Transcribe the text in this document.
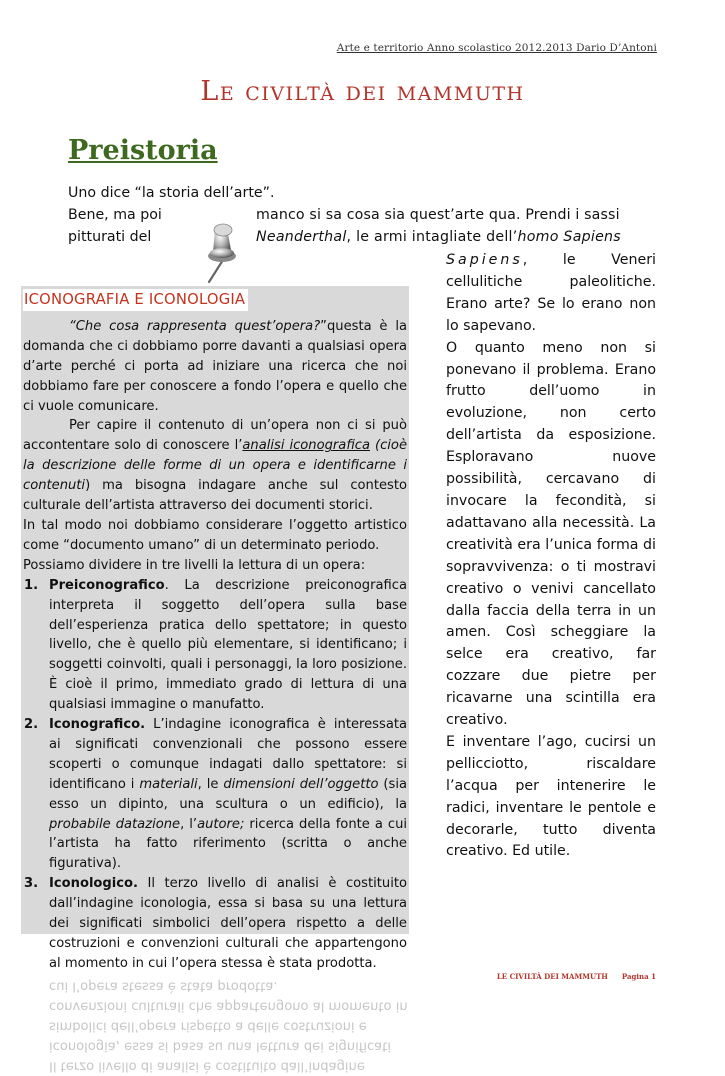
Arte e territorio Anno scolastico 2012.2013 Dario D’Antoni
Le civiltà dei mammuth
Preistoria
Uno dice “la storia dell’arte”.
Bene, ma poi	manco si sa cosa sia quest’arte qua. Prendi i sassi
pitturati del	Neanderthal, le armi intagliate dell’homo Sapiens
ICONOGRAFIA E ICONOLOGIA

“Che cosa rappresenta quest’opera?”questa è la domanda che ci dobbiamo porre davanti a qualsiasi opera d’arte perché ci porta ad iniziare una ricerca che noi dobbiamo fare per conoscere a fondo l’opera e quello che ci vuole comunicare.

Per capire il contenuto di un’opera non ci si può accontentare solo di conoscere l’analisi iconografica (cioè la descrizione delle forme di un opera e identificarne i contenuti) ma bisogna indagare anche sul contesto culturale dell’artista attraverso dei documenti storici.

In tal modo noi dobbiamo considerare l’oggetto artistico come “documento umano” di un determinato periodo.

Possiamo dividere in tre livelli la lettura di un opera:

1. Preiconografico. La descrizione preiconografica interpreta il soggetto dell’opera sulla base dell’esperienza pratica dello spettatore; in questo livello, che è quello più elementare, si identificano; i soggetti coinvolti, quali i personaggi, la loro posizione. È cioè il primo, immediato grado di lettura di una qualsiasi immagine o manufatto.
2. Iconografico. L’indagine iconografica è interessata ai significati convenzionali che possono essere scoperti o comunque indagati dallo spettatore: si identificano i materiali, le dimensioni dell’oggetto (sia esso un dipinto, una scultura o un edificio), la probabile datazione, l’autore; ricerca della fonte a cui l’artista ha fatto riferimento (scritta o anche figurativa).
3. Iconologico. Il terzo livello di analisi è costituito dall’indagine iconologia, essa si basa su una lettura dei significati simbolici dell’opera rispetto a delle costruzioni e convenzioni culturali che appartengono al momento in cui l’opera stessa è stata prodotta.

Sapiens, le Veneri cellulitiche paleolitiche. Erano arte? Se lo erano non lo sapevano.

O quanto meno non si ponevano il problema. Erano frutto dell’uomo in evoluzione, non certo dell’artista da esposizione. Esploravano nuove possibilità, cercavano di invocare la fecondità, si adattavano alla necessità. La creatività era l’unica forma di sopravvivenza: o ti mostravi creativo o venivi cancellato dalla faccia della terra in un amen. Così scheggiare la selce era creativo, far cozzare due pietre per ricavarne una scintilla era creativo.

E inventare l’ago, cucirsi un pellicciotto, riscaldare l’acqua per intenerire le radici, inventare le pentole e decorarle, tutto diventa creativo. Ed utile.

LE CIVILTÀ DEI MAMMUTH Pagina 1
Il terzo livello di analisi è costituito dall’indagine iconologia, essa si basa su una lettura dei significati simbolici dell’opera rispetto a delle costruzioni e convenzioni culturali che appartengono al momento in cui l’opera stessa è stata prodotta.
